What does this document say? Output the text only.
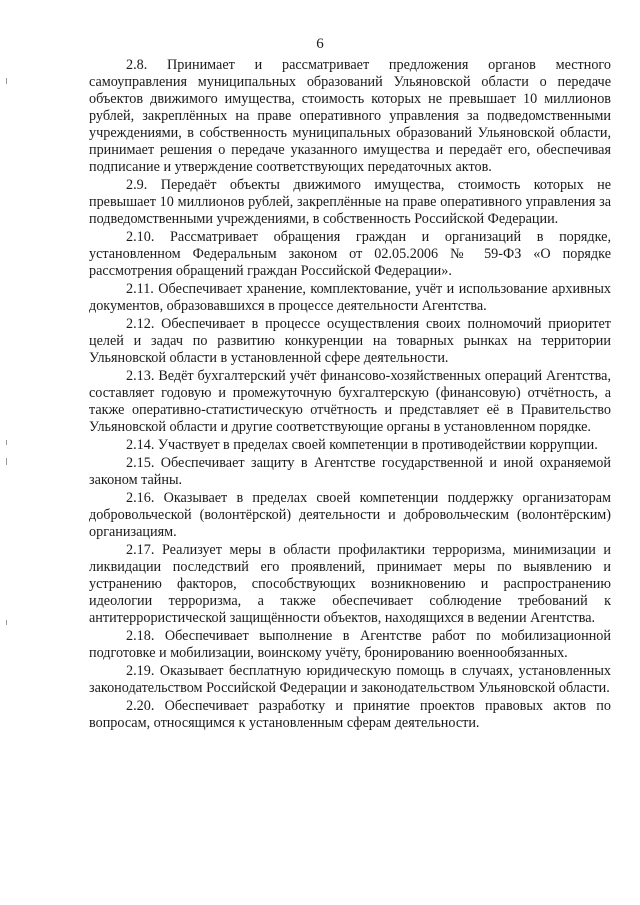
6

2.8. Принимает и рассматривает предложения органов местного самоуправления муниципальных образований Ульяновской области о передаче объектов движимого имущества, стоимость которых не превышает 10 миллионов рублей, закреплённых на праве оперативного управления за подведомственными учреждениями, в собственность муниципальных образований Ульяновской области, принимает решения о передаче указанного имущества и передаёт его, обеспечивая подписание и утверждение соответствующих передаточных актов.

2.9. Передаёт объекты движимого имущества, стоимость которых не превышает 10 миллионов рублей, закреплённые на праве оперативного управления за подведомственными учреждениями, в собственность Российской Федерации.

2.10. Рассматривает обращения граждан и организаций в порядке, установленном Федеральным законом от 02.05.2006 № 59-ФЗ «О порядке рассмотрения обращений граждан Российской Федерации».

2.11. Обеспечивает хранение, комплектование, учёт и использование архивных документов, образовавшихся в процессе деятельности Агентства.

2.12. Обеспечивает в процессе осуществления своих полномочий приоритет целей и задач по развитию конкуренции на товарных рынках на территории Ульяновской области в установленной сфере деятельности.

2.13. Ведёт бухгалтерский учёт финансово-хозяйственных операций Агентства, составляет годовую и промежуточную бухгалтерскую (финансовую) отчётность, а также оперативно-статистическую отчётность и представляет её в Правительство Ульяновской области и другие соответствующие органы в установленном порядке.

2.14. Участвует в пределах своей компетенции в противодействии коррупции.

2.15. Обеспечивает защиту в Агентстве государственной и иной охраняемой законом тайны.

2.16. Оказывает в пределах своей компетенции поддержку организаторам добровольческой (волонтёрской) деятельности и добровольческим (волонтёрским) организациям.

2.17. Реализует меры в области профилактики терроризма, минимизации и ликвидации последствий его проявлений, принимает меры по выявлению и устранению факторов, способствующих возникновению и распространению идеологии терроризма, а также обеспечивает соблюдение требований к антитеррористической защищённости объектов, находящихся в ведении Агентства.

2.18. Обеспечивает выполнение в Агентстве работ по мобилизационной подготовке и мобилизации, воинскому учёту, бронированию военнообязанных.

2.19. Оказывает бесплатную юридическую помощь в случаях, установленных законодательством Российской Федерации и законодательством Ульяновской области.

2.20. Обеспечивает разработку и принятие проектов правовых актов по вопросам, относящимся к установленным сферам деятельности.
